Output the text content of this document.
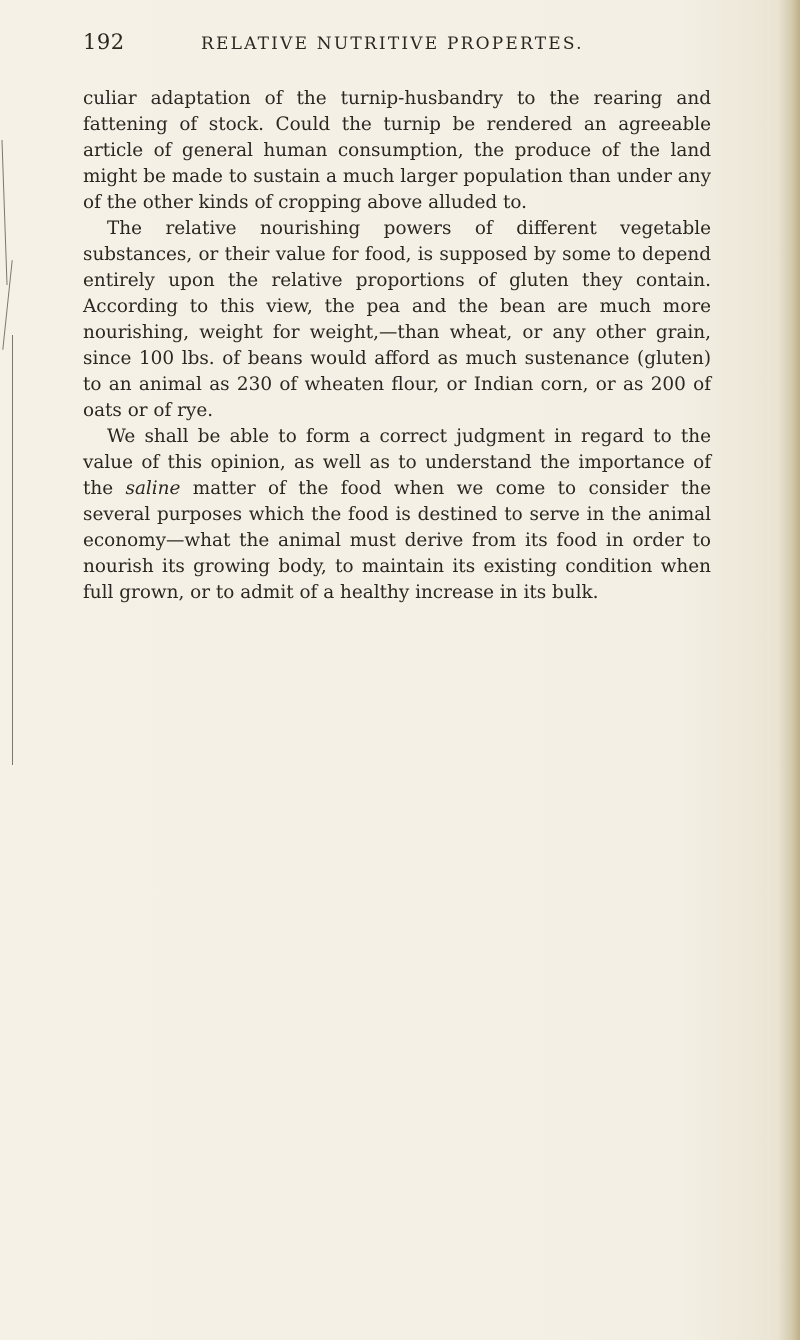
192	RELATIVE NUTRITIVE PROPERTES.

culiar adaptation of the turnip-husbandry to the rearing and fattening of stock. Could the turnip be rendered an agreeable article of general human consumption, the produce of the land might be made to sustain a much larger population than under any of the other kinds of cropping above alluded to.

The relative nourishing powers of different vegetable substances, or their value for food, is supposed by some to depend entirely upon the relative proportions of gluten they contain. According to this view, the pea and the bean are much more nourishing, weight for weight,—than wheat, or any other grain, since 100 lbs. of beans would afford as much sustenance (gluten) to an animal as 230 of wheaten flour, or Indian corn, or as 200 of oats or of rye.

We shall be able to form a correct judgment in regard to the value of this opinion, as well as to understand the importance of the saline matter of the food when we come to consider the several purposes which the food is destined to serve in the animal economy—what the animal must derive from its food in order to nourish its growing body, to maintain its existing condition when full grown, or to admit of a healthy increase in its bulk.
